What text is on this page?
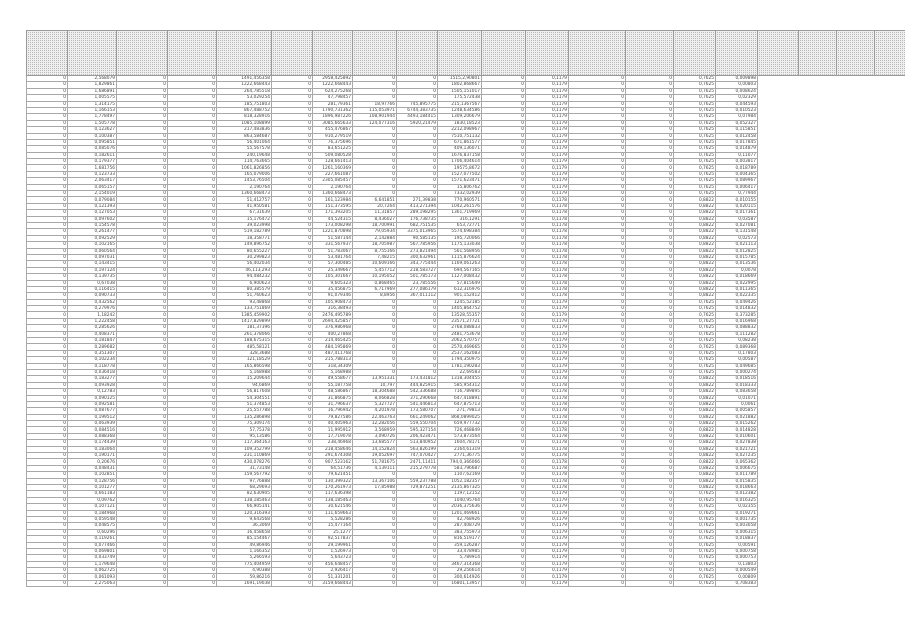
0	2,568079	0	0	1491,456358	0	2958,425892	0	0	1515,2,90801	0	0,1179	0	0	0,7625	0,009898				
0	1,829861	0	0	1222,668443	0	1222,668443	0	0	1802,868667	0	0,1179	0	0	0,7625	0,00803				
0	1,686891	0	0	264,785518	0	624,275268	0	0	1505,151017	0	0,1179	0	0	0,7625	0,008624				
0	1,005575	0	0	53,029254	0	47,798457	0	0	175,572438	0	0,1179	0	0	0,7625	0,02329				
0	1,314175	0	0	185,751803	0	281,79361	18,97766	745,895775	215,1367567	0	0,1179	0	0	0,7625	0,044593				
0	1,166153	0	0	867,488752	0	1790,731362	115,053971	6744,383735	1248,634586	0	0,1179	0	0	0,7625	0,010523				
0	1,778497	0	0	818,328916	0	1896,987226	108,901944	4493,184415	1309,206679	0	0,1179	0	0	0,7625	0,07984				
0	1,505778	0	0	1085,108899	0	3085,665633	124,077316	5920,21479	1830,18523	0	0,1179	0	0	0,7625	0,052327				
0	0,123627	0	0	217,483836	0	455,476867	0	0	2212,098967	0	0,1179	0	0	0,7625	0,115851				
0	0,100387	0	0	863,584687	0	910,279519	0	0	7510,751132	0	0,1179	0	0	0,7625	0,012458				
0	0,095851	0	0	56,401064	0	76,375696	0	0	671,861577	0	0,1179	0	0	0,7625	0,017845				
0	0,085076	0	0	55,567578	0	83,651225	0	0	409,136071	0	0,1179	0	0	0,7625	0,014879				
0	0,182611	0	0	240,19648	0	509,080528	0	0	1676,837158	0	0,1179	0	0	0,7625	0,11077				
0	0,179377	0	0	114,763665	0	128,661413	0	0	1706,404614	0	0,1179	0	0	0,7625	0,003817				
0	1,681756	0	0	1061,826856	0	1261,160369	0	0	19575,8672	0	0,1179	0	0	0,7625	0,018789				
0	0,123733	0	0	165,079006	0	227,661087	0	0	1527,077502	0	0,1179	0	0	0,7625	0,004365				
0	2,063417	0	0	1453,76504	0	2305,085457	0	0	1571,623471	0	0,1179	0	0	0,7625	0,089967				
0	0,065157	0	0	2,190764	0	2,190764	0	0	15,806762	0	0,1179	0	0	0,7625	0,006417				
0	2,154019	0	0	1360,668473	0	1360,668473	0	0	7332,02939	0	0,1179	0	0	0,7625	0,77944				
0	0,079084	0	0	51,412757	0	161,123984	6,641851	271,39838	770,960571	0	0,1178	0	0	0,8822	0,010155				
0	0,121393	0	0	41,950581	0	151,373595	20,7264	413,271394	1042,261576	0	0,1178	0	0	0,8822	0,020115				
0	0,127053	0	0	67,31639	0	171,393205	11,31857	289,198295	1361,719969	0	0,1178	0	0	0,8822	0,017361				
0	0,097602	0	0	15,176472	0	44,524315	8,436027	176,738735	316,1291	0	0,1178	0	0	0,8822	0,03587				
0	0,154578	0	0	39,023998	0	173,008298	18,700991	682,751535	653,72771	0	0,1178	0	0	0,8822	0,027081				
0	0,261477	0	0	519,182789	0	1221,870898	79,05934	3375,013965	5574,698384	0	0,1178	0	0	0,8822	0,131548				
0	0,092529	0	0	18,358771	0	51,587144	2,142884	90,585135	195,720066	0	0,1178	0	0	0,8822	0,02573				
0	0,102165	0	0	149,896752	0	331,567937	18,705987	567,785956	1175,133038	0	0,1178	0	0	0,8822	0,021113				
0	0,060564	0	0	80,655227	0	51,783067	8,755166	273,821494	561,568956	0	0,1178	0	0	0,8822	0,012825				
0	0,097031	0	0	30,299823	0	53,481764	7,48215	300,632961	1115,876624	0	0,1178	0	0	0,8822	0,015785				
0	0,143415	0	0	56,402034	0	57,300485	10,609166	343,775444	1169,061263	0	0,1178	0	0	0,8822	0,013536				
0	0,197124	0	0	46,113,293	0	25,349667	5,457712	218,583727	694,567165	0	0,1178	0	0	0,8822	0,0078				
0	0,139735	0	0	94,484232	0	105,301667	10,195052	501,785173	1127,008432	0	0,1178	0	0	0,8822	0,018669				
0	0,67038	0	0	6,900623	0	9,605323	0,868465	23,785556	57,815649	0	0,1178	0	0	0,8822	0,022995				
0	0,116415	0	0	80,385579	0	35,456875	6,717969	277,086179	612,316976	0	0,1178	0	0	0,8822	0,011365				
0	0,090733	0	0	51,760623	0	91,079346	8,8956	367,011112	901,152412	0	0,1178	0	0	0,8822	0,022335				
0	0,432562	0	0	93,48868	0	105,908473	0	0	1245,52185	0	0,1179	0	0	0,7625	0,049426				
0	0,279976	0	0	133,751869	0	316,38493	0	0	1405,864752	0	0,1179	0	0	0,7625	0,014832				
0	1,18242	0	0	1385,459902	0	2476,495789	0	0	13528,55357	0	0,1179	0	0	0,7625	0,373285				
0	1,222458	0	0	1417,829899	0	2694,425857	0	0	23571,27721	0	0,1179	0	0	0,7625	0,016968				
0	0,285626	0	0	181,37396	0	376,986968	0	0	2768,088833	0	0,1179	0	0	0,7625	0,088832				
0	0,408371	0	0	261,378066	0	400,27868	0	0	2481,753678	0	0,1179	0	0	0,7625	0,111282				
0	0,181847	0	0	188,675315	0	214,465425	0	0	2062,570757	0	0,1179	0	0	0,7625	0,08238				
0	0,289682	0	0	485,58121	0	484,195869	0	0	2570,469665	0	0,1179	0	0	0,7625	0,089368				
0	0,351307	0	0	328,3688	0	487,411768	0	0	2537,162083	0	0,1179	0	0	0,7625	0,17803				
0	0,102234	0	0	121,18529	0	215,788313	0	0	1794,350975	0	0,1179	0	0	0,7625	0,00587				
0	0,118778	0	0	165,866598	0	318,34309	0	0	1781,190283	0	0,1179	0	0	0,7625	0,049685				
0	0,036418	0	0	5,168988	0	5,168988	0	0	22,69583	0	0,1179	0	0	0,7625	0,000274				
0	0,183277	0	0	15,209644	0	49,558677	13,951331	173,431812	1318,304455	0	0,1178	0	0	0,8822	0,018516				
0	0,093928	0	0	94,6869	0	55,187758	10,797	444,825915	585,954312	0	0,1178	0	0	0,8822	0,018333				
0	0,12783	0	0	56,817608	0	48,586867	18,304688	542,336688	716,789895	0	0,1178	0	0	0,8822	0,083658				
0	0,090125	0	0	54,304551	0	31,866875	8,066828	371,290668	647,418891	0	0,1178	0	0	0,8822	0,01071				
0	0,092581	0	0	51,374853	0	31,796637	5,327727	541,446813	647,875713	0	0,1178	0	0	0,8822	0,0061				
0	0,087677	0	0	25,557788	0	16,796942	4,201978	173,580707	271,79813	0	0,1178	0	0	0,8822	0,005857				
0	0,199512	0	0	135,286898	0	79,827586	22,463763	661,249062	868,0899025	0	0,1178	0	0	0,8822	0,021882				
0	0,063939	0	0	75,309174	0	40,405963	12,282056	559,550704	659,977732	0	0,1178	0	0	0,8822	0,015262				
0	0,084516	0	0	57,75378	0	11,995912	3,568959	595,327154	726,468849	0	0,1178	0	0	0,8822	0,014828				
0	0,088368	0	0	95,13586	0	17,719078	3,090726	206,423471	573,873564	0	0,1178	0	0	0,8822	0,010601				
0	0,174439	0	0	117,364163	0	238,46968	13,685577	513,840952	1604,78171	0	0,1178	0	0	0,8822	0,027838				
0	0,183064	0	0	109,352799	0	218,458646	14,152824	563,826199	2164,61319	0	0,1178	0	0	0,8822	0,021721				
0	0,190171	0	0	231,110869	0	291,674308	19,052697	747,070427	2771,36775	0	0,1178	0	0	0,8822	0,027235				
0	0,20676	0	0	430,078276	0	907,523162	51,781675	2471,11411	794,0,366066	0	0,1178	0	0	0,8822	0,065362				
0	0,048431	0	0	31,73148	0	64,51736	4,139111	215,279778	583,796687	0	0,1178	0	0	0,8822	0,006675				
0	0,102851	0	0	159,567792	0	79,621451	0	0	1107,62169	0	0,1178	0	0	0,8822	0,011789				
0	0,128756	0	0	97,76888	0	130,399322	13,367106	559,237788	1052,182357	0	0,1178	0	0	0,8822	0,015835				
0	0,101277	0	0	68,29693	0	170,261973	17,85988	729,871251	2135,867325	0	0,1178	0	0	0,8822	0,018663				
0	0,661183	0	0	82,630905	0	117,636398	0	0	1197,12152	0	0,1179	0	0	0,7625	0,012382				
0	0,09762	0	0	138,185463	0	138,185463	0	0	1040,95764	0	0,1179	0	0	0,7625	0,016325				
0	0,107121	0	0	66,905141	0	30,621546	0	0	2036,375636	0	0,1179	0	0	0,7625	0,02355				
0	0,184968	0	0	120,316393	0	111,659663	0	0	1201,469661	0	0,1179	0	0	0,7625	0,019271				
0	0,059548	0	0	9,643568	0	5,528286	0	0	42,768926	0	0,1179	0	0	0,7625	0,001735				
0	0,048575	0	0	36,3069	0	15,477164	0	0	287,408729	0	0,1179	0	0	0,7625	0,003058				
0	0,60296	0	0	16,458658	0	25,1277	0	0	383,755973	0	0,1179	0	0	0,7625	0,006315				
0	0,119261	0	0	85,154467	0	92,517837	0	0	816,519177	0	0,1179	0	0	0,7625	0,018837				
0	0,077466	0	0	49,86946	0	29,199961	0	0	359,126287	0	0,1179	0	0	0,7625	0,00591				
0	0,069801	0	0	1,166352	0	1,526973	0	0	33,478985	0	0,1179	0	0	0,7625	0,000758				
0	0,033749	0	0	5,266593	0	5,643723	0	0	5,789914	0	0,1179	0	0	0,7625	0,000753				
0	1,179648	0	0	775,404959	0	456,648457	0	0	3467,314368	0	0,1179	0	0	0,7625	0,13803				
0	0,062725	0	0	4,90388	0	2,926417	0	0	29,256614	0	0,1179	0	0	0,7625	0,000549				
0	0,061093	0	0	59,86216	0	51,331201	0	0	300,614926	0	0,1179	0	0	0,7625	0,00809				
0	2,275063	0	0	1691,19038	0	3159,668443	0	0	16801,13957	0	0,1179	0	0	0,7625	0,708383				
